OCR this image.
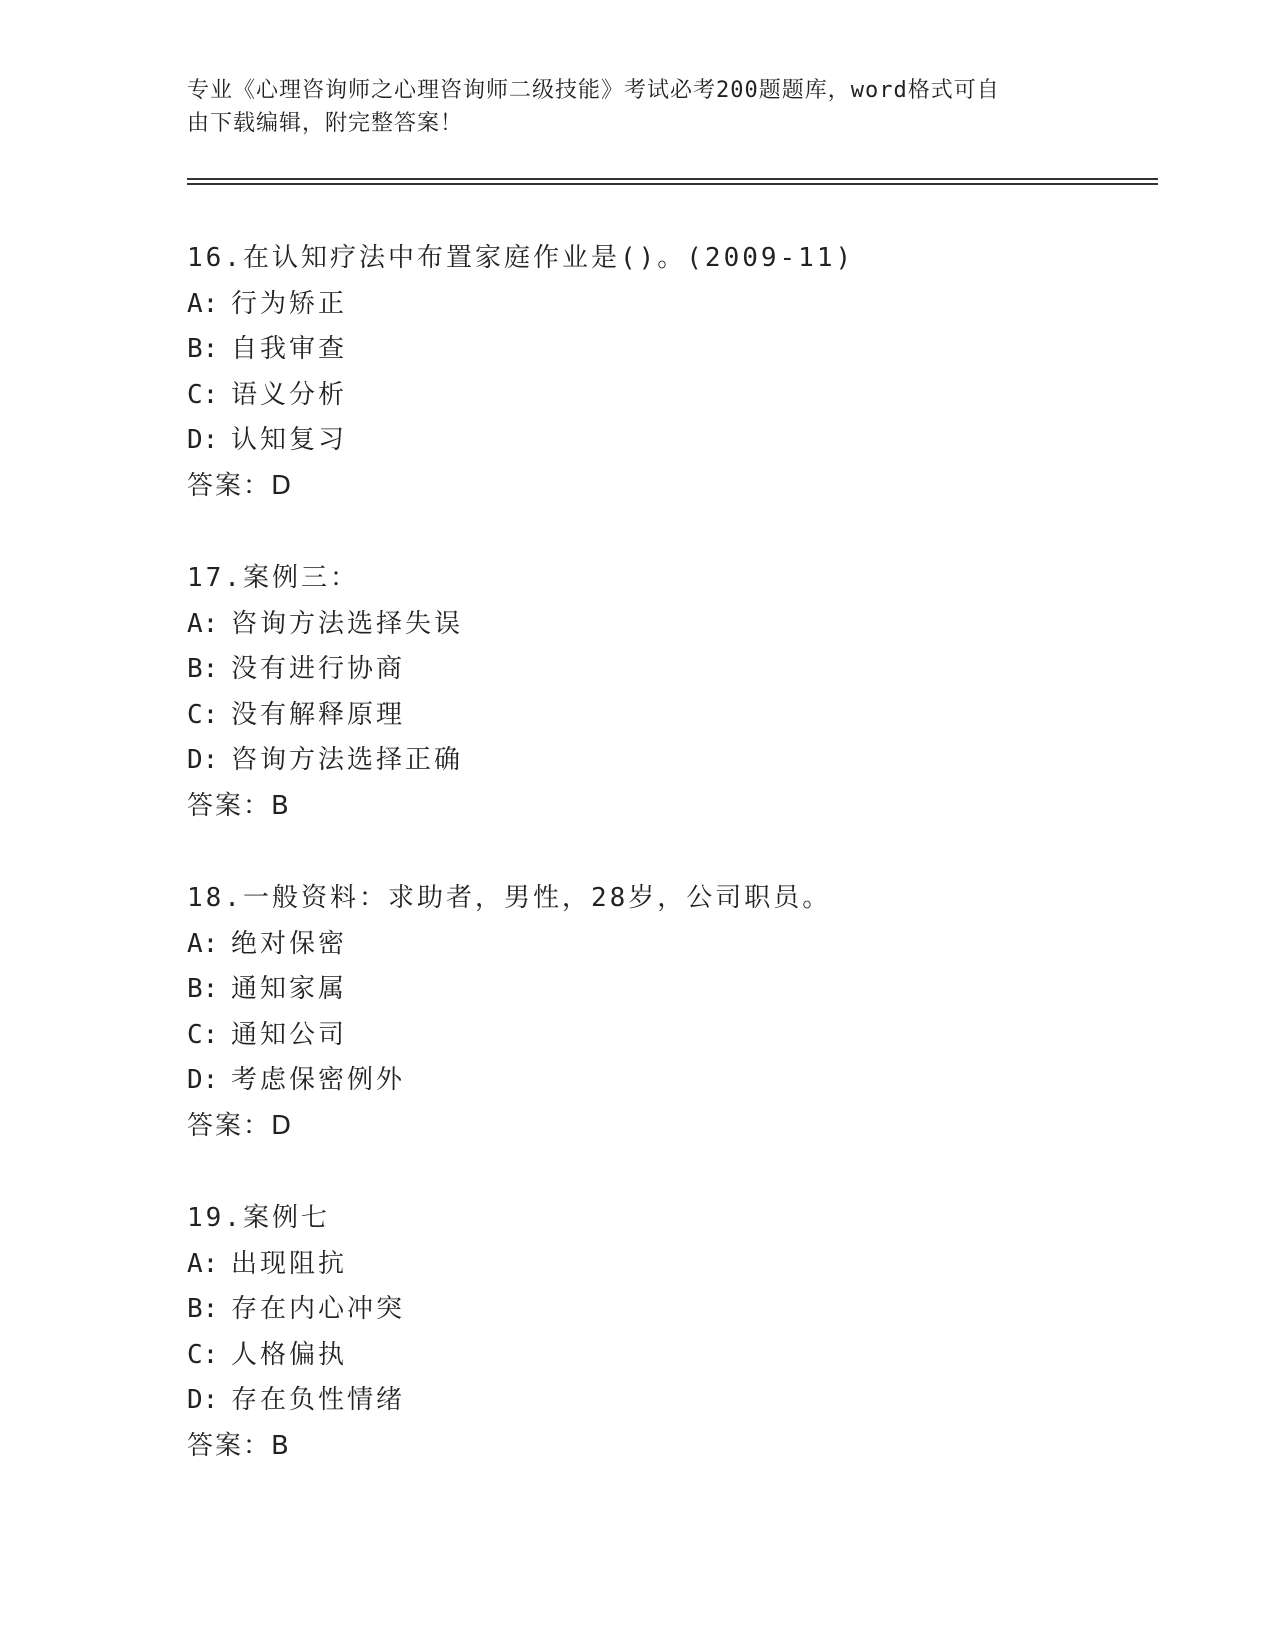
专业《心理咨询师之心理咨询师二级技能》考试必考200题题库，word格式可自
由下载编辑，附完整答案！
16.在认知疗法中布置家庭作业是()。(2009-11)
A: 行为矫正
B: 自我审查
C: 语义分析
D: 认知复习
答案：D
17.案例三：
A: 咨询方法选择失误
B: 没有进行协商
C: 没有解释原理
D: 咨询方法选择正确
答案：B
18.一般资料：求助者，男性，28岁，公司职员。
A: 绝对保密
B: 通知家属
C: 通知公司
D: 考虑保密例外
答案：D
19.案例七
A: 出现阻抗
B: 存在内心冲突
C: 人格偏执
D: 存在负性情绪
答案：B
